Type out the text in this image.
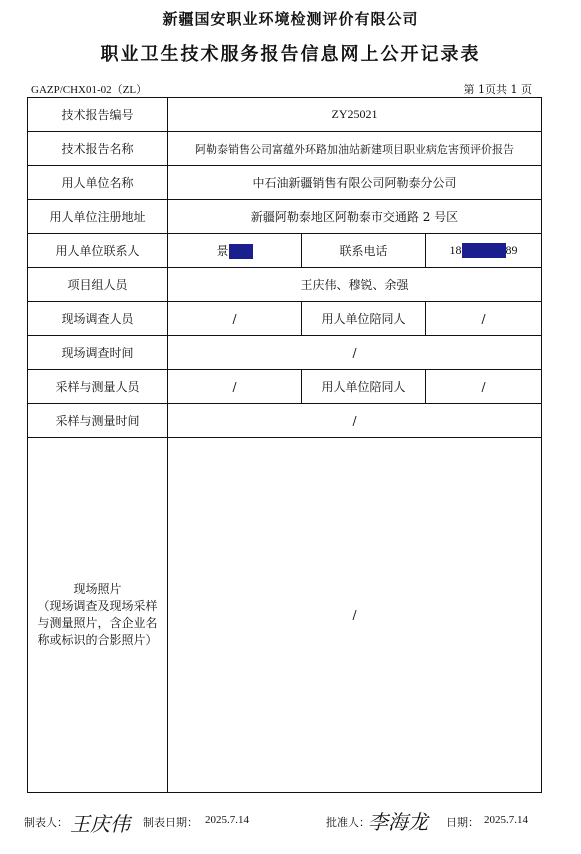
新疆国安职业环境检测评价有限公司
职业卫生技术服务报告信息网上公开记录表
GAZP/CHX01-02（ZL）	第 1页共 1 页
技术报告编号	ZY25021		
技术报告名称	阿勒泰销售公司富蕴外环路加油站新建项目职业病危害预评价报告		
用人单位名称	中石油新疆销售有限公司阿勒泰分公司		
用人单位注册地址	新疆阿勒泰地区阿勒泰市交通路 2 号区		
用人单位联系人	景	联系电话	18 89
项目组人员	王庆伟、穆锐、余强		
现场调查人员	/	用人单位陪同人	/
现场调查时间	/		
采样与测量人员	/	用人单位陪同人	/
采样与测量时间	/		

现场照片
（现场调查及现场采样
与测量照片，含企业名
称或标识的合影照片）	/		
制表人： 王庆伟 制表日期： 2025.7.14	批准人：
李海龙 日期： 2025.7.14
